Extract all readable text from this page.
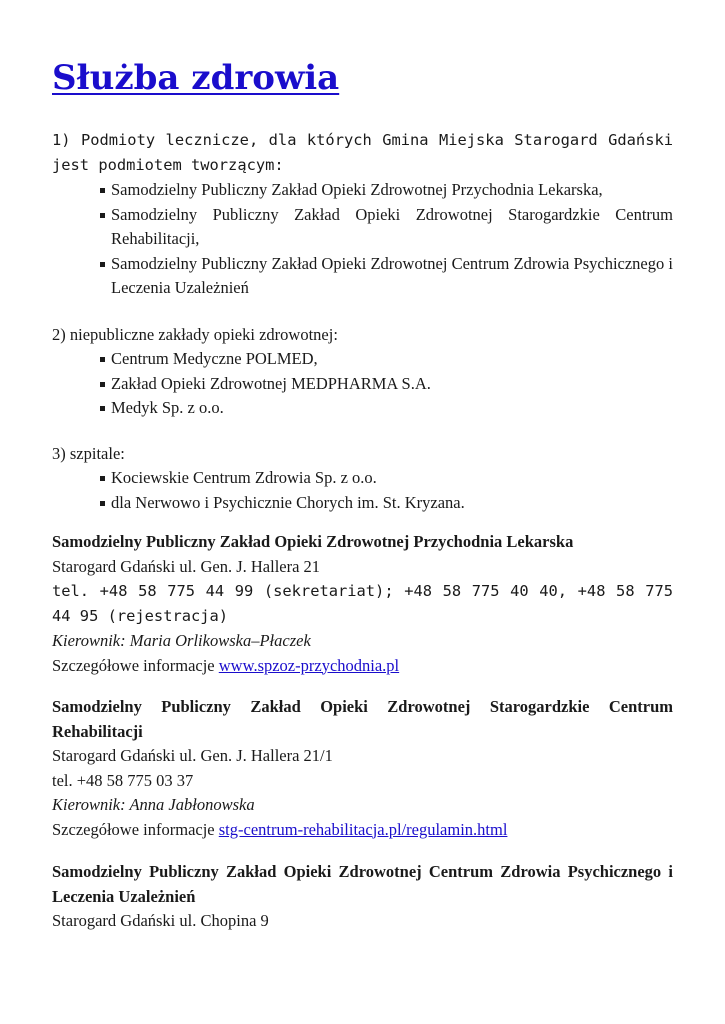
Służba zdrowia

1) Podmioty lecznicze, dla których Gmina Miejska Starogard Gdański jest podmiotem tworzącym:

Samodzielny Publiczny Zakład Opieki Zdrowotnej Przychodnia Lekarska,
Samodzielny Publiczny Zakład Opieki Zdrowotnej Starogardzkie Centrum Rehabilitacji,
Samodzielny Publiczny Zakład Opieki Zdrowotnej Centrum Zdrowia Psychicznego i Leczenia Uzależnień

2) niepubliczne zakłady opieki zdrowotnej:

Centrum Medyczne POLMED,
Zakład Opieki Zdrowotnej MEDPHARMA S.A.
Medyk Sp. z o.o.

3) szpitale:

Kociewskie Centrum Zdrowia Sp. z o.o.
dla Nerwowo i Psychicznie Chorych im. St. Kryzana.

Samodzielny Publiczny Zakład Opieki Zdrowotnej Przychodnia Lekarska

Starogard Gdański ul. Gen. J. Hallera 21

tel. +48 58 775 44 99 (sekretariat); +48 58 775 40 40, +48 58 775 44 95 (rejestracja)

Kierownik: Maria Orlikowska–Płaczek

Szczegółowe informacje www.spzoz-przychodnia.pl

Samodzielny Publiczny Zakład Opieki Zdrowotnej Starogardzkie Centrum Rehabilitacji

Starogard Gdański ul. Gen. J. Hallera 21/1

tel. +48 58 775 03 37

Kierownik: Anna Jabłonowska

Szczegółowe informacje stg-centrum-rehabilitacja.pl/regulamin.html

Samodzielny Publiczny Zakład Opieki Zdrowotnej Centrum Zdrowia Psychicznego i Leczenia Uzależnień

Starogard Gdański ul. Chopina 9
